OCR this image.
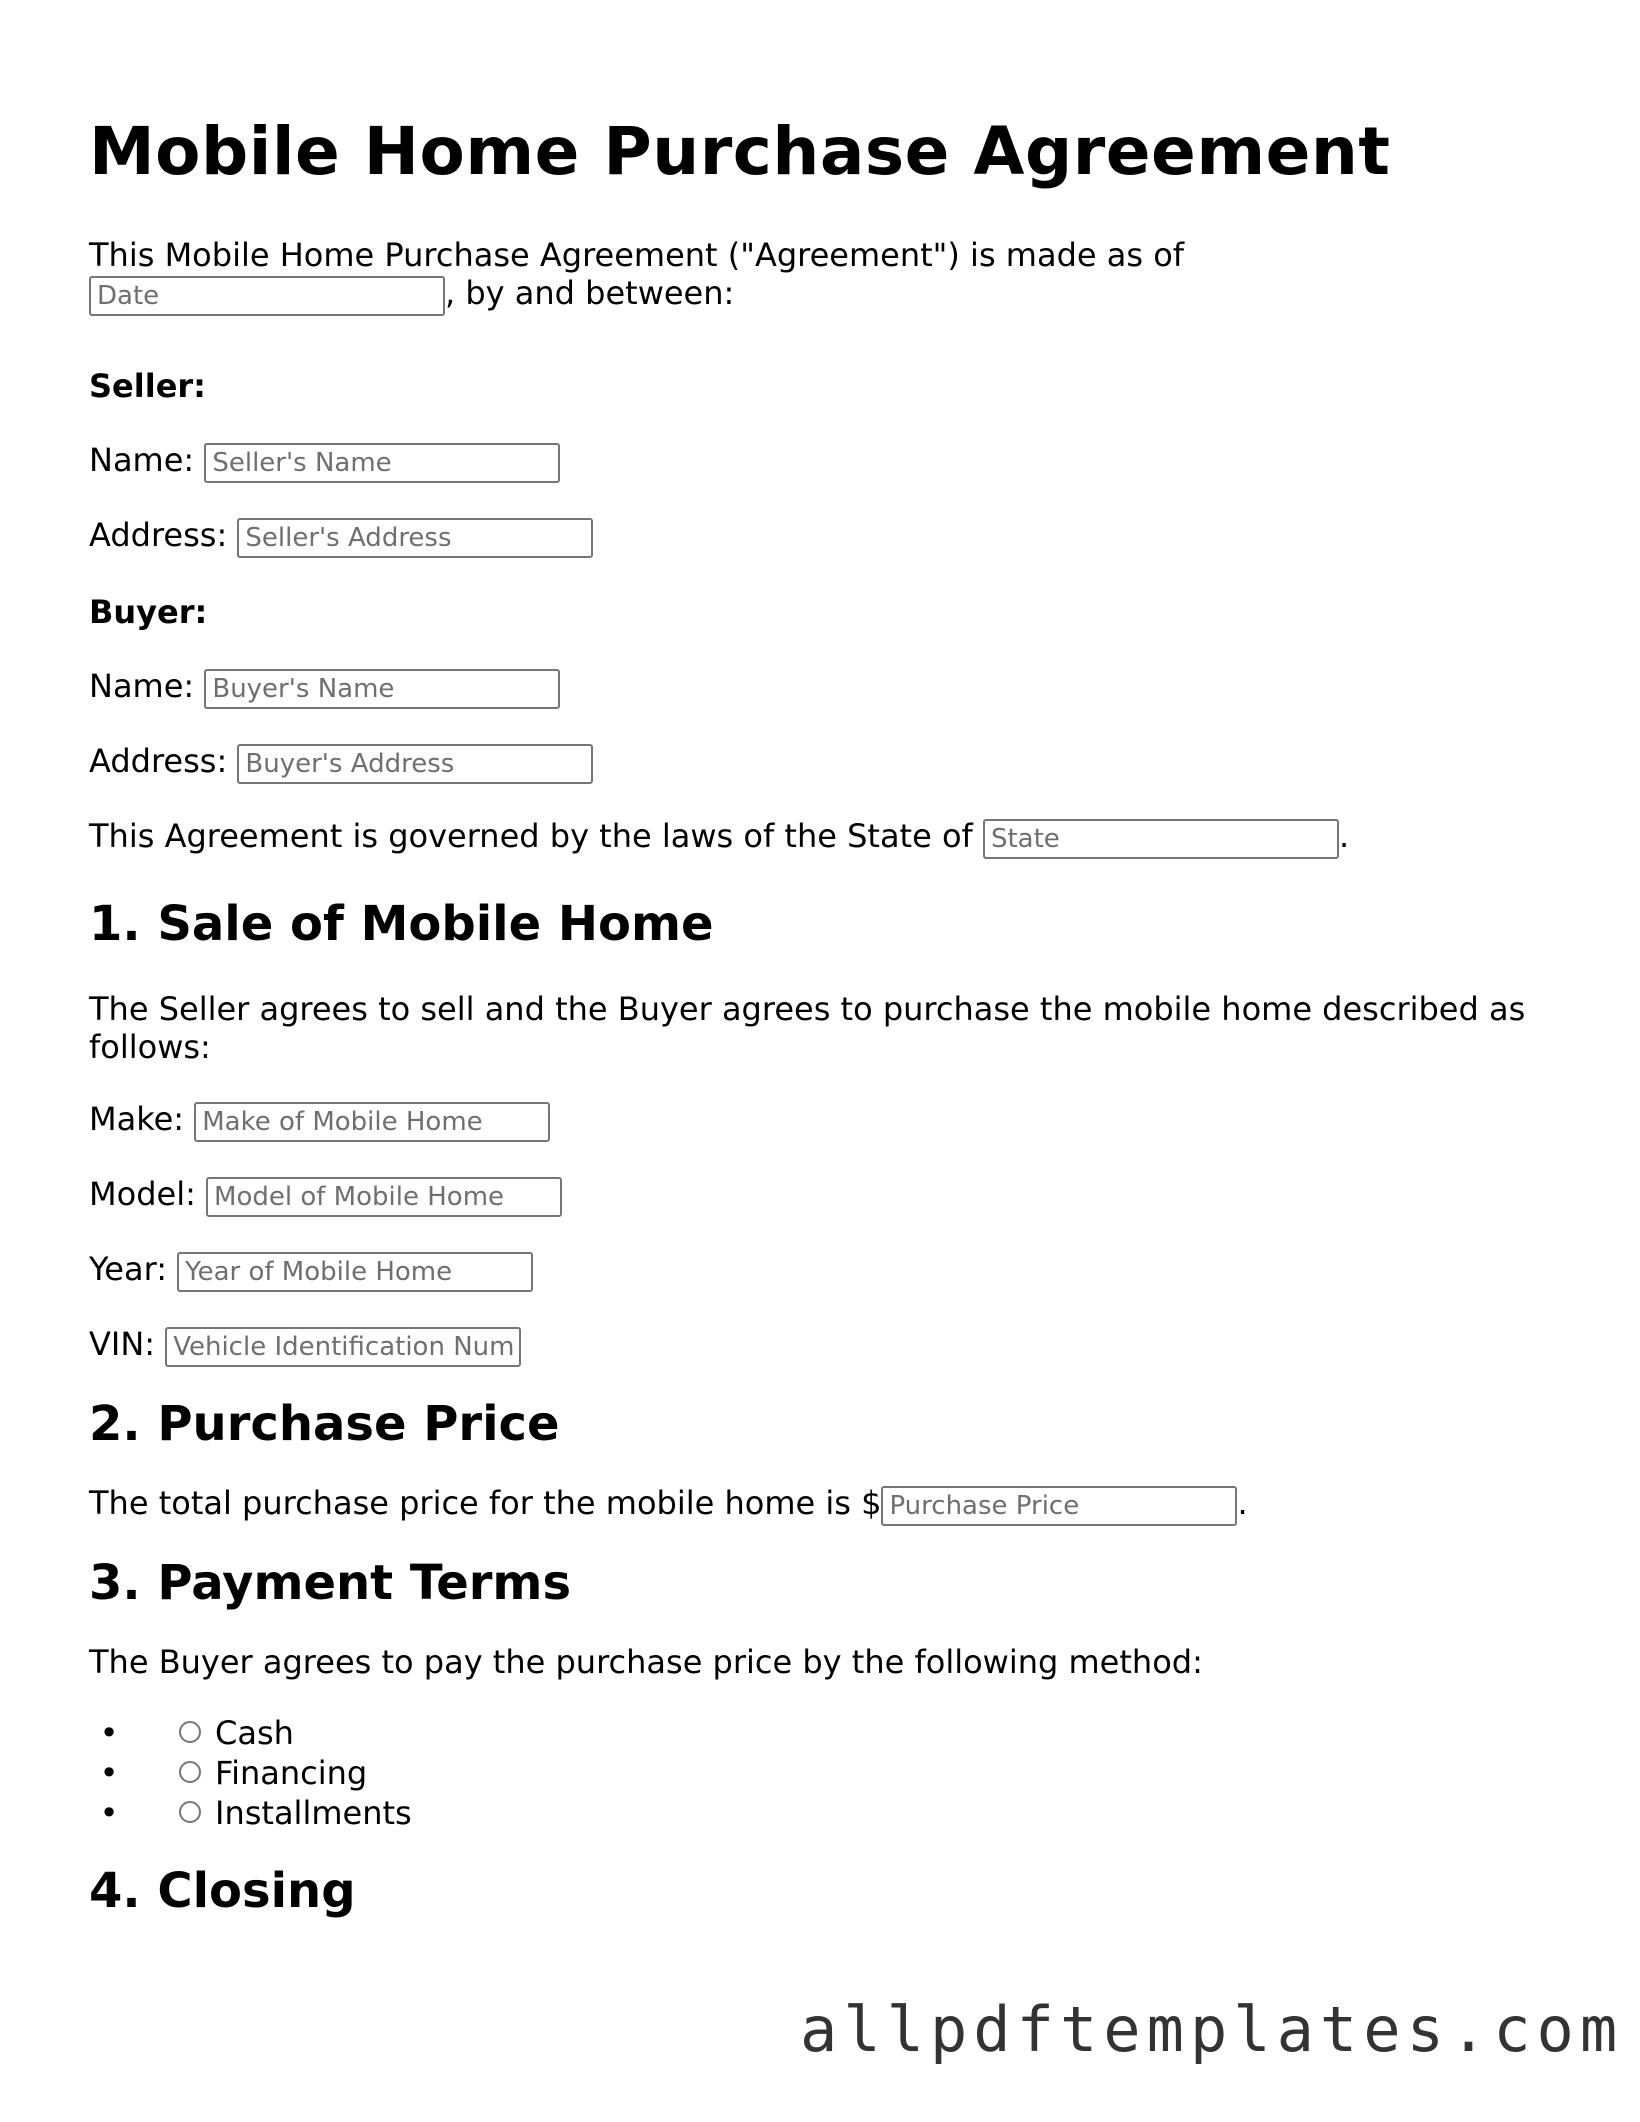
Mobile Home Purchase Agreement

This Mobile Home Purchase Agreement ("Agreement") is made as of
Date	, by and between:

Seller:

Name: Seller's Name

Address: Seller's Address

Buyer:

Name: Buyer's Name

Address: Buyer's Address

This Agreement is governed by the laws of the State of State	.

1. Sale of Mobile Home

The Seller agrees to sell and the Buyer agrees to purchase the mobile home described as follows:

Make: Make of Mobile Home

Model: Model of Mobile Home

Year: Year of Mobile Home

VIN: Vehicle Identification Num

2. Purchase Price

The total purchase price for the mobile home is $ Purchase Price	.

3. Payment Terms

The Buyer agrees to pay the purchase price by the following method:

•	Cash
•	Financing
•	Installments
4. Closing
allpdftemplates.com
